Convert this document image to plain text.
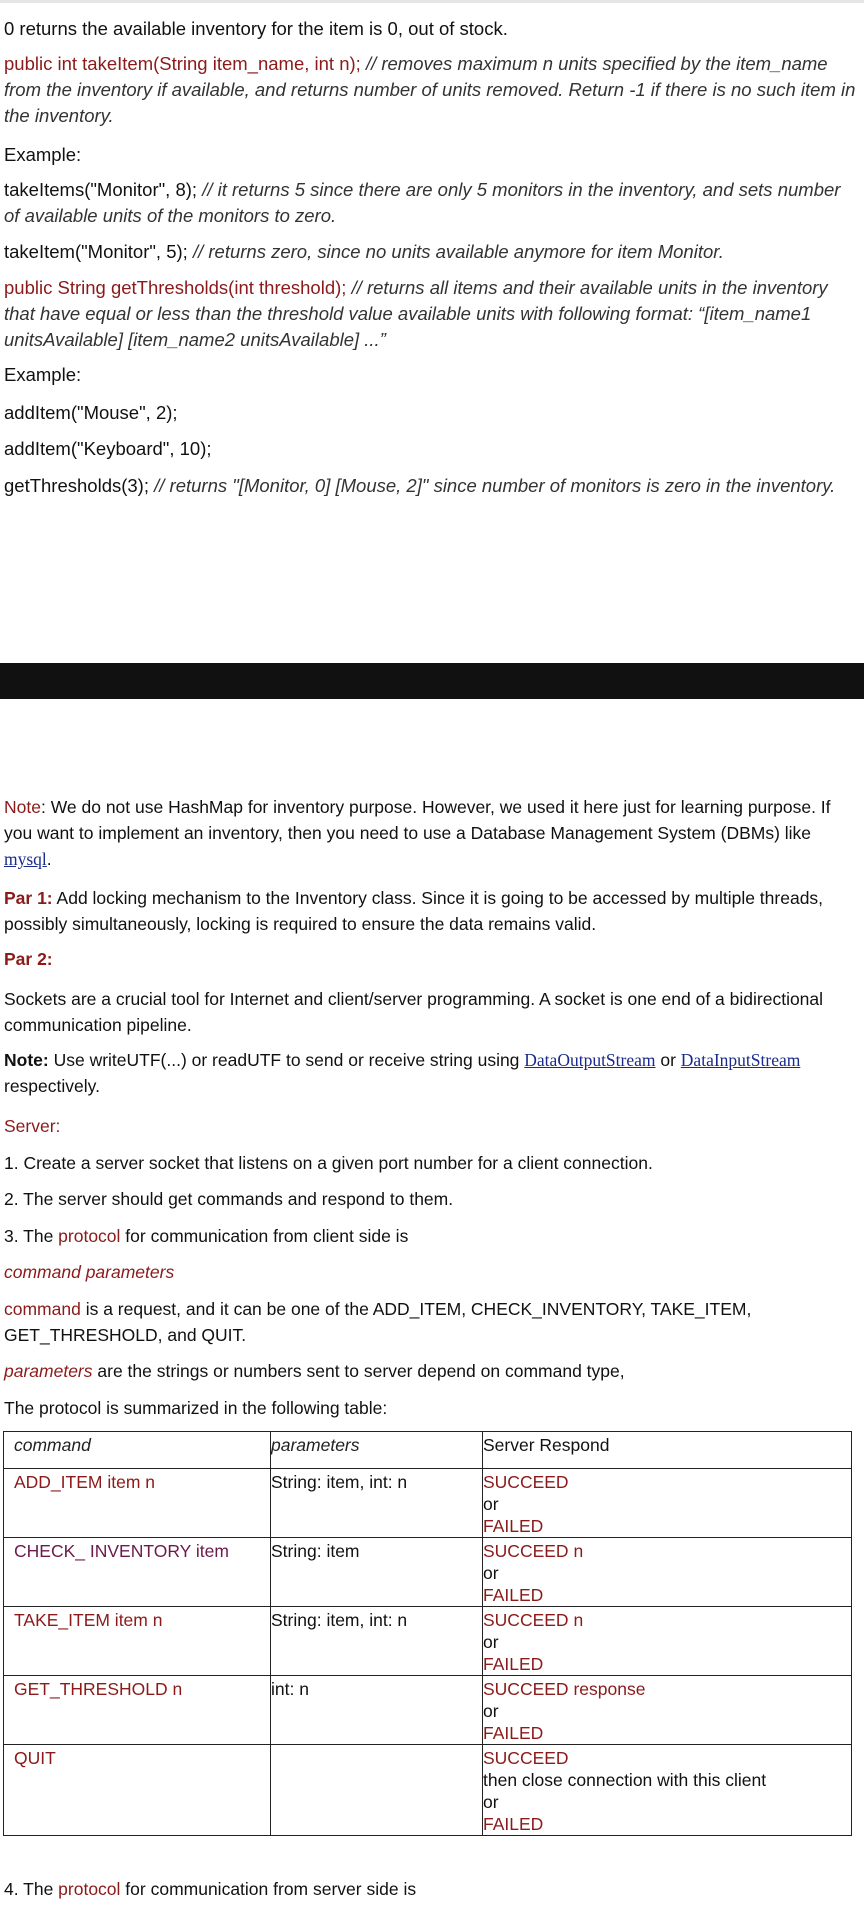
0 returns the available inventory for the item is 0, out of stock.

public int takeItem(String item_name, int n); // removes maximum n units specified by the item_name from the inventory if available, and returns number of units removed. Return -1 if there is no such item in the inventory.

Example:

takeItems("Monitor", 8); // it returns 5 since there are only 5 monitors in the inventory, and sets number of available units of the monitors to zero.

takeItem("Monitor", 5); // returns zero, since no units available anymore for item Monitor.

public String getThresholds(int threshold); // returns all items and their available units in the inventory that have equal or less than the threshold value available units with following format: “[item_name1 unitsAvailable] [item_name2 unitsAvailable] ...”

Example:

addItem("Mouse", 2);

addItem("Keyboard", 10);

getThresholds(3); // returns "[Monitor, 0] [Mouse, 2]" since number of monitors is zero in the inventory.

Note: We do not use HashMap for inventory purpose. However, we used it here just for learning purpose. If you want to implement an inventory, then you need to use a Database Management System (DBMs) like mysql.

Par 1: Add locking mechanism to the Inventory class. Since it is going to be accessed by multiple threads, possibly simultaneously, locking is required to ensure the data remains valid.

Par 2:

Sockets are a crucial tool for Internet and client/server programming. A socket is one end of a bidirectional communication pipeline.

Note: Use writeUTF(...) or readUTF to send or receive string using DataOutputStream or DataInputStream respectively.

Server:

1. Create a server socket that listens on a given port number for a client connection.

2. The server should get commands and respond to them.

3. The protocol for communication from client side is

command parameters

command is a request, and it can be one of the ADD_ITEM, CHECK_INVENTORY, TAKE_ITEM, GET_THRESHOLD, and QUIT.

parameters are the strings or numbers sent to server depend on command type,

The protocol is summarized in the following table:

command	parameters	Server Respond
ADD_ITEM item n	String: item, int: n	SUCCEED
or
FAILED

CHECK_ INVENTORY item	String: item	SUCCEED n
or
FAILED

TAKE_ITEM item n	String: item, int: n	SUCCEED n
or
FAILED

GET_THRESHOLD n	int: n	SUCCEED response
or
FAILED

QUIT		SUCCEED
then close connection with this client
or
FAILED

4. The protocol for communication from server side is
